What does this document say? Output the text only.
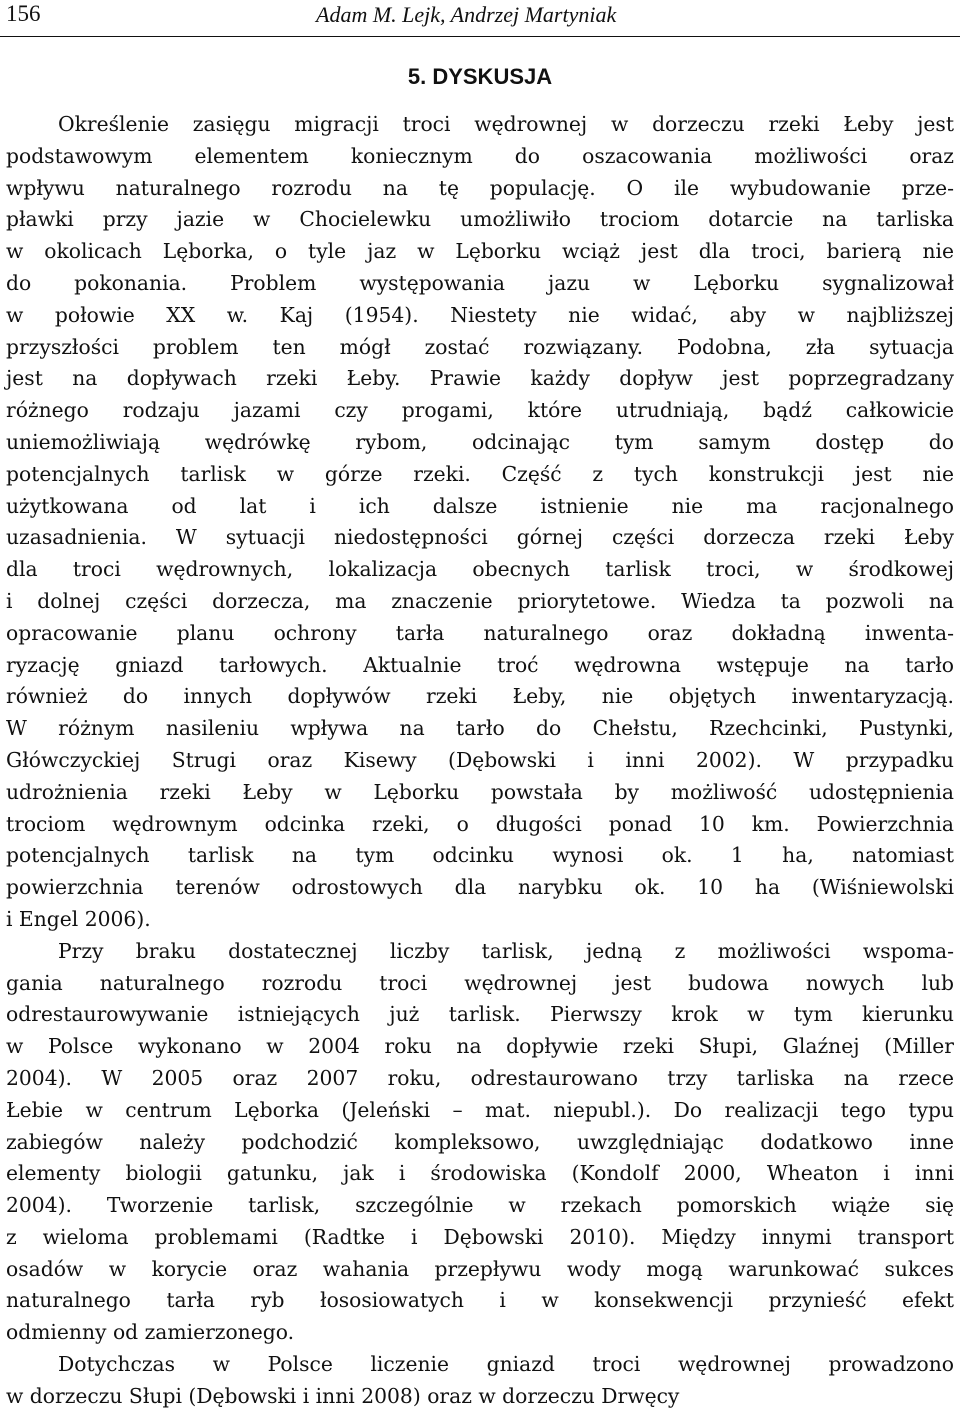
156	Adam M. Lejk, Andrzej Martyniak
5. DYSKUSJA
Określenie zasięgu migracji troci wędrownej w dorzeczu rzeki Łeby jest
podstawowym elementem koniecznym do oszacowania możliwości oraz
wpływu naturalnego rozrodu na tę populację. O ile wybudowanie prze-
pławki przy jazie w Chocielewku umożliwiło trociom dotarcie na tarliska
w okolicach Lęborka, o tyle jaz w Lęborku wciąż jest dla troci, barierą nie
do pokonania. Problem występowania jazu w Lęborku sygnalizował
w połowie XX w. Kaj (1954). Niestety nie widać, aby w najbliższej
przyszłości problem ten mógł zostać rozwiązany. Podobna, zła sytuacja
jest na dopływach rzeki Łeby. Prawie każdy dopływ jest poprzegradzany
różnego rodzaju jazami czy progami, które utrudniają, bądź całkowicie
uniemożliwiają wędrówkę rybom, odcinając tym samym dostęp do
potencjalnych tarlisk w górze rzeki. Część z tych konstrukcji jest nie
użytkowana od lat i ich dalsze istnienie nie ma racjonalnego
uzasadnienia. W sytuacji niedostępności górnej części dorzecza rzeki Łeby
dla troci wędrownych, lokalizacja obecnych tarlisk troci, w środkowej
i dolnej części dorzecza, ma znaczenie priorytetowe. Wiedza ta pozwoli na
opracowanie planu ochrony tarła naturalnego oraz dokładną inwenta-
ryzację gniazd tarłowych. Aktualnie troć wędrowna wstępuje na tarło
również do innych dopływów rzeki Łeby, nie objętych inwentaryzacją.
W różnym nasileniu wpływa na tarło do Chełstu, Rzechcinki, Pustynki,
Główczyckiej Strugi oraz Kisewy (Dębowski i inni 2002). W przypadku
udrożnienia rzeki Łeby w Lęborku powstała by możliwość udostępnienia
trociom wędrownym odcinka rzeki, o długości ponad 10 km. Powierzchnia
potencjalnych tarlisk na tym odcinku wynosi ok. 1 ha, natomiast
powierzchnia terenów odrostowych dla narybku ok. 10 ha (Wiśniewolski
i Engel 2006).
Przy braku dostatecznej liczby tarlisk, jedną z możliwości wspoma-
gania naturalnego rozrodu troci wędrownej jest budowa nowych lub
odrestaurowywanie istniejących już tarlisk. Pierwszy krok w tym kierunku
w Polsce wykonano w 2004 roku na dopływie rzeki Słupi, Glaźnej (Miller
2004). W 2005 oraz 2007 roku, odrestaurowano trzy tarliska na rzece
Łebie w centrum Lęborka (Jeleński – mat. niepubl.). Do realizacji tego typu
zabiegów należy podchodzić kompleksowo, uwzględniając dodatkowo inne
elementy biologii gatunku, jak i środowiska (Kondolf 2000, Wheaton i inni
2004). Tworzenie tarlisk, szczególnie w rzekach pomorskich wiąże się
z wieloma problemami (Radtke i Dębowski 2010). Między innymi transport
osadów w korycie oraz wahania przepływu wody mogą warunkować sukces
naturalnego tarła ryb łososiowatych i w konsekwencji przynieść efekt
odmienny od zamierzonego.
Dotychczas w Polsce liczenie gniazd troci wędrownej prowadzono
w dorzeczu Słupi (Dębowski i inni 2008) oraz w dorzeczu Drwęcy
